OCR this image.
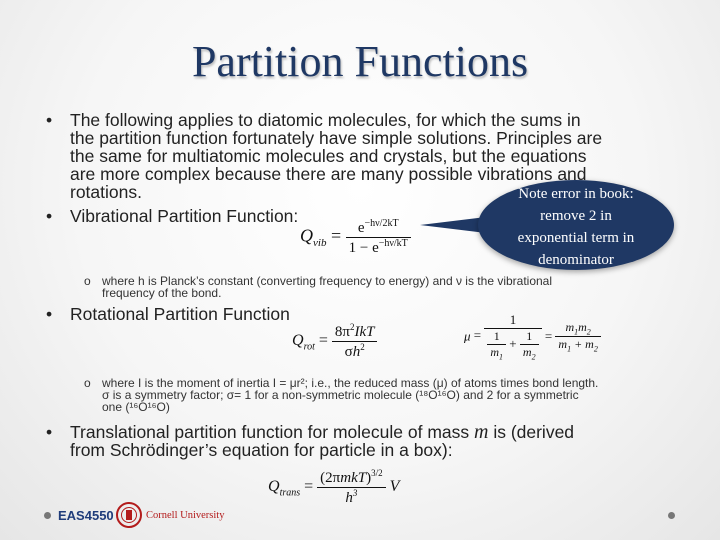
Partition Functions
• The following applies to diatomic molecules, for which the sums in
the partition function fortunately have simple solutions. Principles are
the same for multiatomic molecules and crystals, but the equations
are more complex because there are many possible vibrations and
rotations.
• Vibrational Partition Function:
$Q_{vib} = \frac{e^{-h\nu/2kT}}{1 - e^{-h\nu/kT}}$
Note error in book:
remove 2 in
exponential term in
denominator
o where h is Planck’s constant (converting frequency to energy) and ν is the vibrational
frequency of the bond.
• Rotational Partition Function
$Q_{rot} = \frac{8\pi^2IkT}{\sigma h^2}$	$\mu = \frac{1}{\frac{1}{m_1} + \frac{1}{m_2}} = \frac{m_1m_2}{m_1 + m_2}$
o where I is the moment of inertia I = μr²; i.e., the reduced mass (μ) of atoms times bond length.
σ is a symmetry factor; σ= 1 for a non-symmetric molecule (¹⁸O¹⁶O) and 2 for a symmetric
one (¹⁶O¹⁶O)
• Translational partition function for molecule of mass m is (derived
from Schrödinger’s equation for particle in a box):
$Q_{trans} = \frac{(2\pi mkT)^{3/2}}{h^3}$ V
EAS4550	Cornell University
